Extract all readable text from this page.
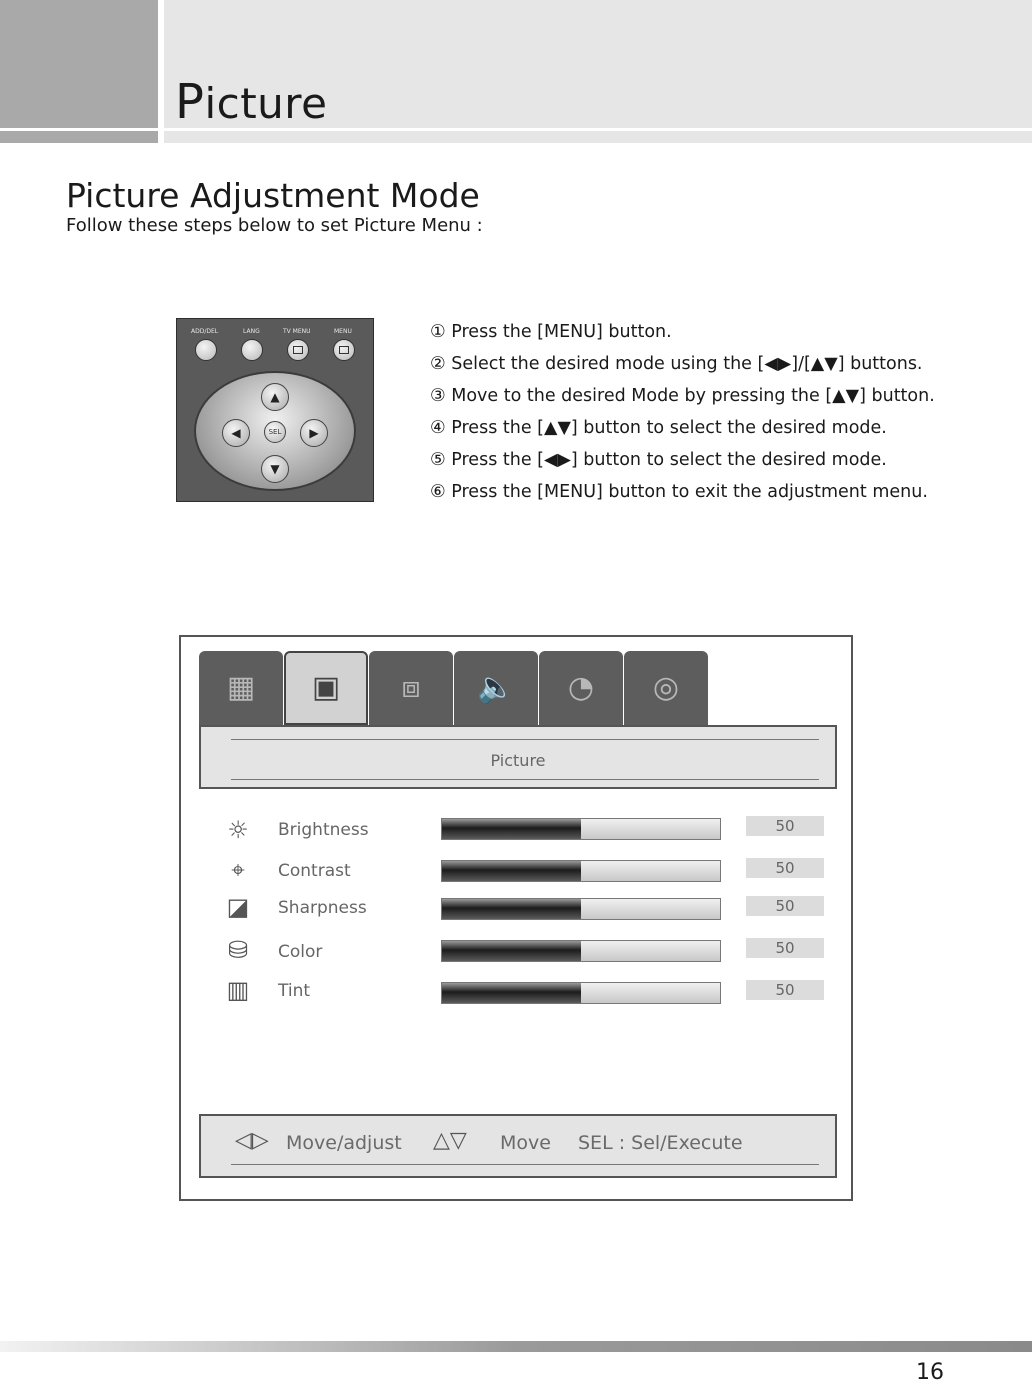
Picture
Picture Adjustment Mode
Follow these steps below to set Picture Menu :
ADD/DEL	LANG	TV MENU	MENU
▲
▼
◀	▶
SEL
① Press the [MENU] button.
② Select the desired mode using the [◀▶]/[▲▼] buttons.
③ Move to the desired Mode by pressing the [▲▼] button.
④ Press the [▲▼] button to select the desired mode.
⑤ Press the [◀▶] button to select the desired mode.
⑥ Press the [MENU] button to exit the adjustment menu.
▦ ▣ ⧈ 🔈 ◔ ◎
Picture
☼	Brightness	50
⌖	Contrast	50
◪	Sharpness	50
⛁	Color	50
▥	Tint	50
◁▷ Move/adjust △▽ Move SEL : Sel/Execute
16
